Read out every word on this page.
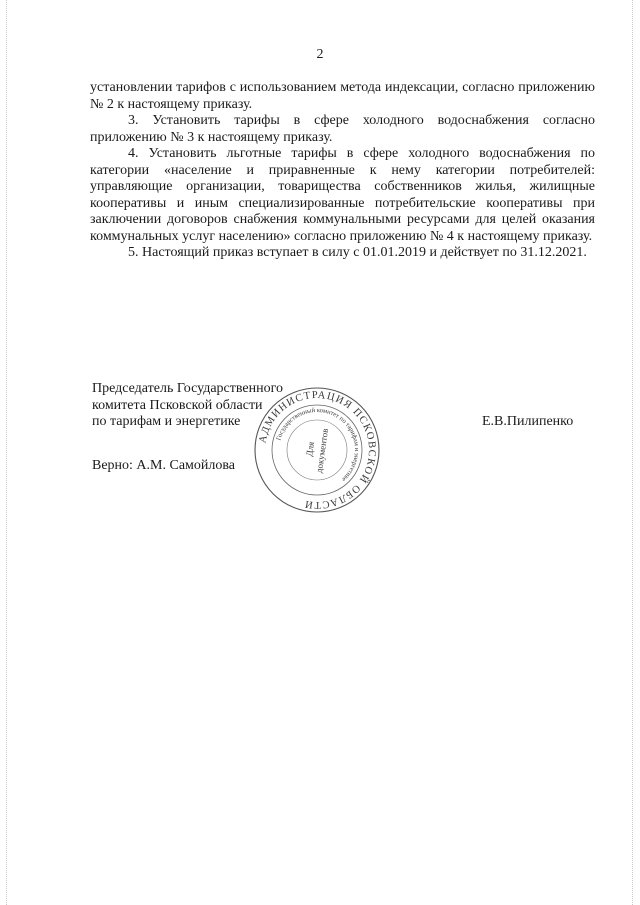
2

установлении тарифов с использованием метода индексации, согласно приложению № 2 к настоящему приказу.

3. Установить тарифы в сфере холодного водоснабжения согласно приложению № 3 к настоящему приказу.

4. Установить льготные тарифы в сфере холодного водоснабжения по категории «население и приравненные к нему категории потребителей: управляющие организации, товарищества собственников жилья, жилищные кооперативы и иным специализированные потребительские кооперативы при заключении договоров снабжения коммунальными ресурсами для целей оказания коммунальных услуг населению» согласно приложению № 4 к настоящему приказу.

5. Настоящий приказ вступает в силу с 01.01.2019 и действует по 31.12.2021.

Председатель Государственного
комитета Псковской области
по тарифам и энергетике	Е.В.Пилипенко
Верно: А.М. Самойлова
АДМИНИСТРАЦИЯ ПСКОВСКОЙ ОБЛАСТИ
Государственный комитет по тарифам и энергетике
Для
документов
